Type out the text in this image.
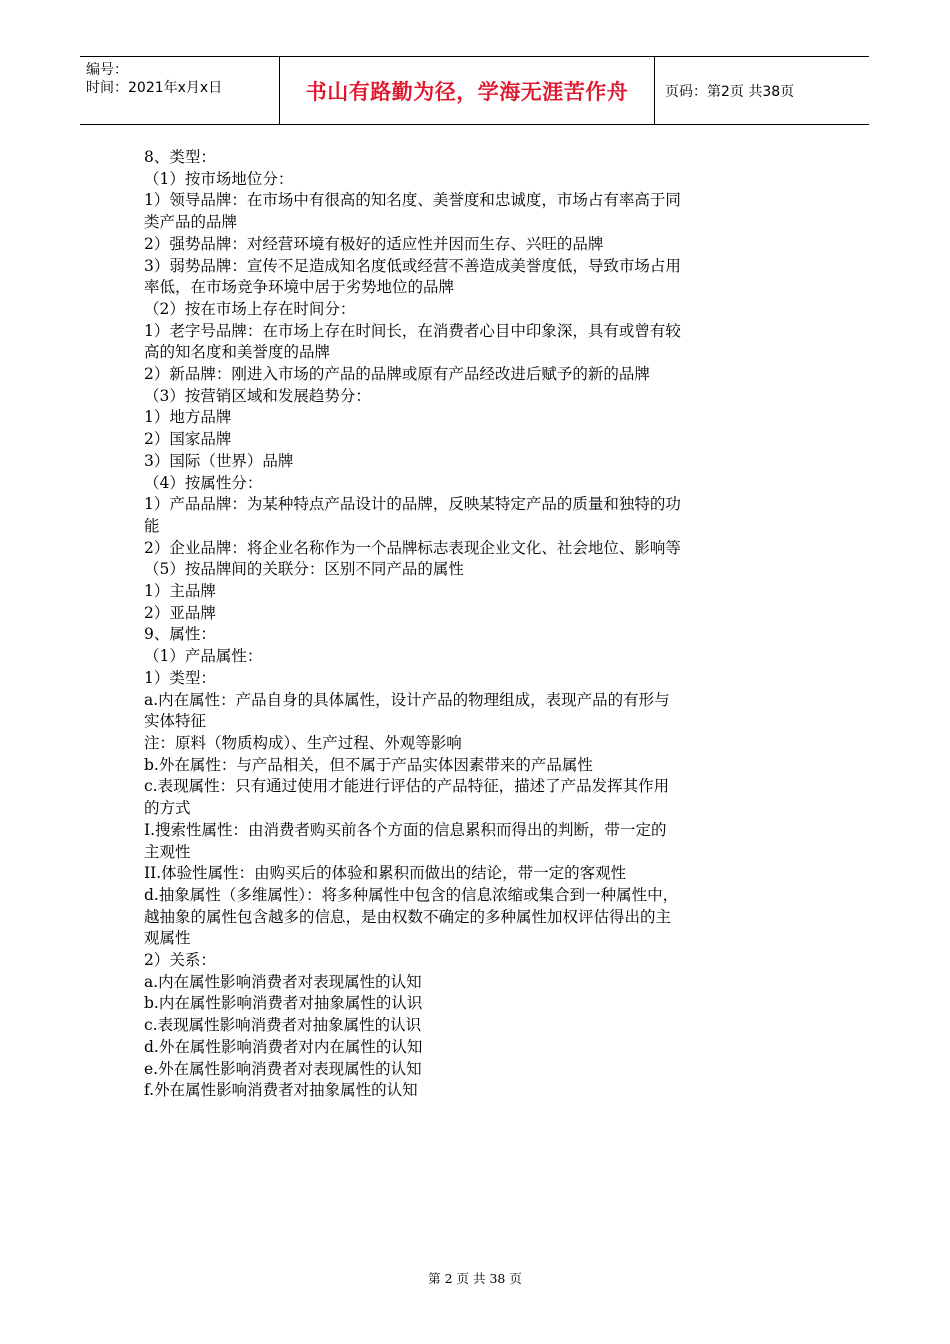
编号：
时间：2021年x月x日	书山有路勤为径，学海无涯苦作舟	页码：第2页 共38页
8、类型：
（1）按市场地位分：
1）领导品牌：在市场中有很高的知名度、美誉度和忠诚度，市场占有率高于同
类产品的品牌
2）强势品牌：对经营环境有极好的适应性并因而生存、兴旺的品牌
3）弱势品牌：宣传不足造成知名度低或经营不善造成美誉度低，导致市场占用
率低，在市场竞争环境中居于劣势地位的品牌
（2）按在市场上存在时间分：
1）老字号品牌：在市场上存在时间长，在消费者心目中印象深，具有或曾有较
高的知名度和美誉度的品牌
2）新品牌：刚进入市场的产品的品牌或原有产品经改进后赋予的新的品牌
（3）按营销区域和发展趋势分：
1）地方品牌
2）国家品牌
3）国际（世界）品牌
（4）按属性分：
1）产品品牌：为某种特点产品设计的品牌，反映某特定产品的质量和独特的功
能
2）企业品牌：将企业名称作为一个品牌标志表现企业文化、社会地位、影响等
（5）按品牌间的关联分：区别不同产品的属性
1）主品牌
2）亚品牌
9、属性：
（1）产品属性：
1）类型：
a.内在属性：产品自身的具体属性，设计产品的物理组成，表现产品的有形与
实体特征
注：原料（物质构成）、生产过程、外观等影响
b.外在属性：与产品相关，但不属于产品实体因素带来的产品属性
c.表现属性：只有通过使用才能进行评估的产品特征，描述了产品发挥其作用
的方式
I.搜索性属性：由消费者购买前各个方面的信息累积而得出的判断，带一定的
主观性
II.体验性属性：由购买后的体验和累积而做出的结论，带一定的客观性
d.抽象属性（多维属性）：将多种属性中包含的信息浓缩或集合到一种属性中，
越抽象的属性包含越多的信息，是由权数不确定的多种属性加权评估得出的主
观属性
2）关系：
a.内在属性影响消费者对表现属性的认知
b.内在属性影响消费者对抽象属性的认识
c.表现属性影响消费者对抽象属性的认识
d.外在属性影响消费者对内在属性的认知
e.外在属性影响消费者对表现属性的认知
f.外在属性影响消费者对抽象属性的认知
第 2 页 共 38 页
